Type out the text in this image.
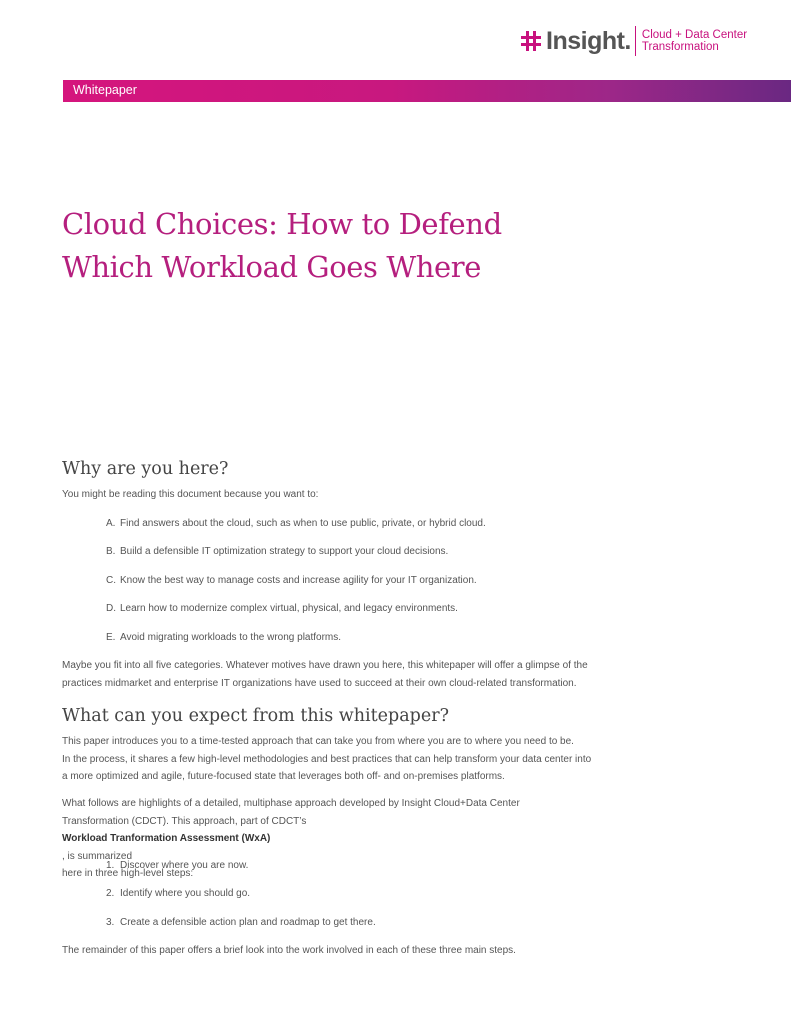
Insight. Cloud + Data Center
Transformation
Whitepaper
Cloud Choices: How to Defend
Which Workload Goes Where
Why are you here?

You might be reading this document because you want to:

A. Find answers about the cloud, such as when to use public, private, or hybrid cloud.

B. Build a defensible IT optimization strategy to support your cloud decisions.

C. Know the best way to manage costs and increase agility for your IT organization.

D. Learn how to modernize complex virtual, physical, and legacy environments.

E. Avoid migrating workloads to the wrong platforms.

Maybe you fit into all five categories. Whatever motives have drawn you here, this whitepaper will offer a glimpse of the
practices midmarket and enterprise IT organizations have used to succeed at their own cloud-related transformation.

What can you expect from this whitepaper?

This paper introduces you to a time-tested approach that can take you from where you are to where you need to be.
In the process, it shares a few high-level methodologies and best practices that can help transform your data center into
a more optimized and agile, future-focused state that leverages both off- and on-premises platforms.

What follows are highlights of a detailed, multiphase approach developed by Insight Cloud+Data Center
Transformation (CDCT). This approach, part of CDCT’s
Workload Tranformation Assessment (WxA)
, is summarized
here in three high-level steps:

1. Discover where you are now.

2. Identify where you should go.

3. Create a defensible action plan and roadmap to get there.

The remainder of this paper offers a brief look into the work involved in each of these three main steps.
